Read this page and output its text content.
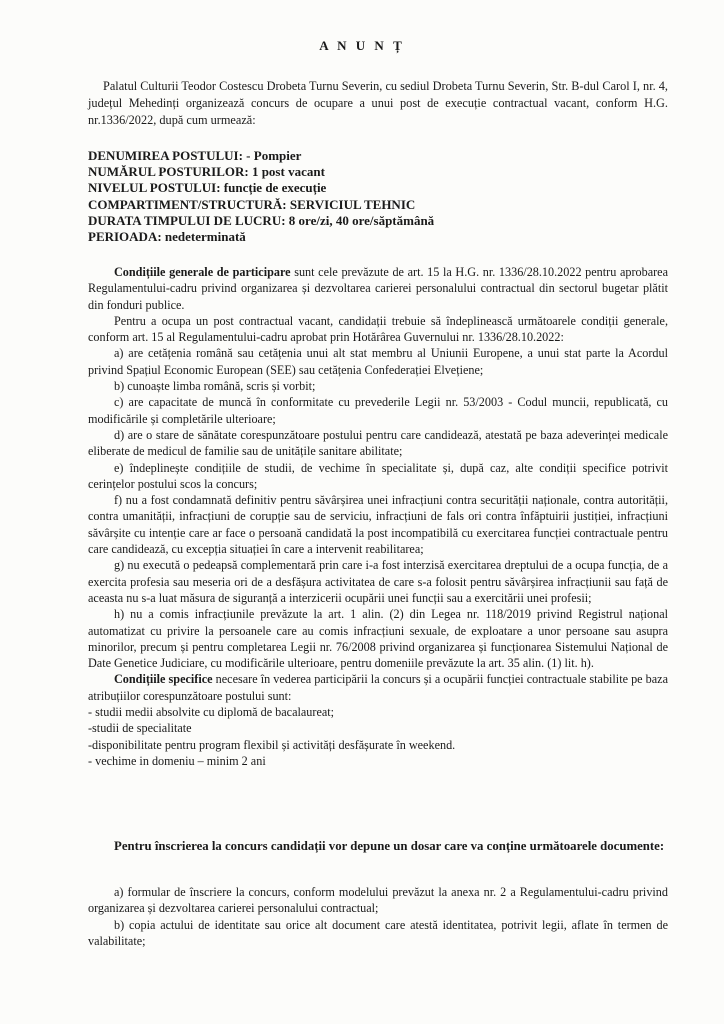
A N U N Ț
Palatul Culturii Teodor Costescu Drobeta Turnu Severin, cu sediul Drobeta Turnu Severin, Str. B-dul Carol I, nr. 4, județul Mehedinți organizează concurs de ocupare a unui post de execuție contractual vacant, conform H.G. nr.1336/2022, după cum urmează:
DENUMIREA POSTULUI: - Pompier
NUMĂRUL POSTURILOR: 1 post vacant
NIVELUL POSTULUI: funcție de execuție
COMPARTIMENT/STRUCTURĂ: SERVICIUL TEHNIC
DURATA TIMPULUI DE LUCRU: 8 ore/zi, 40 ore/săptămână
PERIOADA: nedeterminată

Condițiile generale de participare sunt cele prevăzute de art. 15 la H.G. nr. 1336/28.10.2022 pentru aprobarea Regulamentului-cadru privind organizarea și dezvoltarea carierei personalului contractual din sectorul bugetar plătit din fonduri publice.

Pentru a ocupa un post contractual vacant, candidații trebuie să îndeplinească următoarele condiții generale, conform art. 15 al Regulamentului-cadru aprobat prin Hotărârea Guvernului nr. 1336/28.10.2022:

a) are cetățenia română sau cetățenia unui alt stat membru al Uniunii Europene, a unui stat parte la Acordul privind Spațiul Economic European (SEE) sau cetățenia Confederației Elvețiene;

b) cunoaște limba română, scris și vorbit;

c) are capacitate de muncă în conformitate cu prevederile Legii nr. 53/2003 - Codul muncii, republicată, cu modificările și completările ulterioare;

d) are o stare de sănătate corespunzătoare postului pentru care candidează, atestată pe baza adeverinței medicale eliberate de medicul de familie sau de unitățile sanitare abilitate;

e) îndeplinește condițiile de studii, de vechime în specialitate și, după caz, alte condiții specifice potrivit cerințelor postului scos la concurs;

f) nu a fost condamnată definitiv pentru săvârșirea unei infracțiuni contra securității naționale, contra autorității, contra umanității, infracțiuni de corupție sau de serviciu, infracțiuni de fals ori contra înfăptuirii justiției, infracțiuni săvârșite cu intenție care ar face o persoană candidată la post incompatibilă cu exercitarea funcției contractuale pentru care candidează, cu excepția situației în care a intervenit reabilitarea;

g) nu execută o pedeapsă complementară prin care i-a fost interzisă exercitarea dreptului de a ocupa funcția, de a exercita profesia sau meseria ori de a desfășura activitatea de care s-a folosit pentru săvârșirea infracțiunii sau față de aceasta nu s-a luat măsura de siguranță a interzicerii ocupării unei funcții sau a exercitării unei profesii;

h) nu a comis infracțiunile prevăzute la art. 1 alin. (2) din Legea nr. 118/2019 privind Registrul național automatizat cu privire la persoanele care au comis infracțiuni sexuale, de exploatare a unor persoane sau asupra minorilor, precum și pentru completarea Legii nr. 76/2008 privind organizarea și funcționarea Sistemului Național de Date Genetice Judiciare, cu modificările ulterioare, pentru domeniile prevăzute la art. 35 alin. (1) lit. h).

Condițiile specifice necesare în vederea participării la concurs și a ocupării funcției contractuale stabilite pe baza atribuțiilor corespunzătoare postului sunt:

- studii medii absolvite cu diplomă de bacalaureat;
-studii de specialitate
-disponibilitate pentru program flexibil și activități desfășurate în weekend.
- vechime in domeniu – minim 2 ani
Pentru înscrierea la concurs candidații vor depune un dosar care va conține următoarele documente:

a) formular de înscriere la concurs, conform modelului prevăzut la anexa nr. 2 a Regulamentului-cadru privind organizarea și dezvoltarea carierei personalului contractual;

b) copia actului de identitate sau orice alt document care atestă identitatea, potrivit legii, aflate în termen de valabilitate;
